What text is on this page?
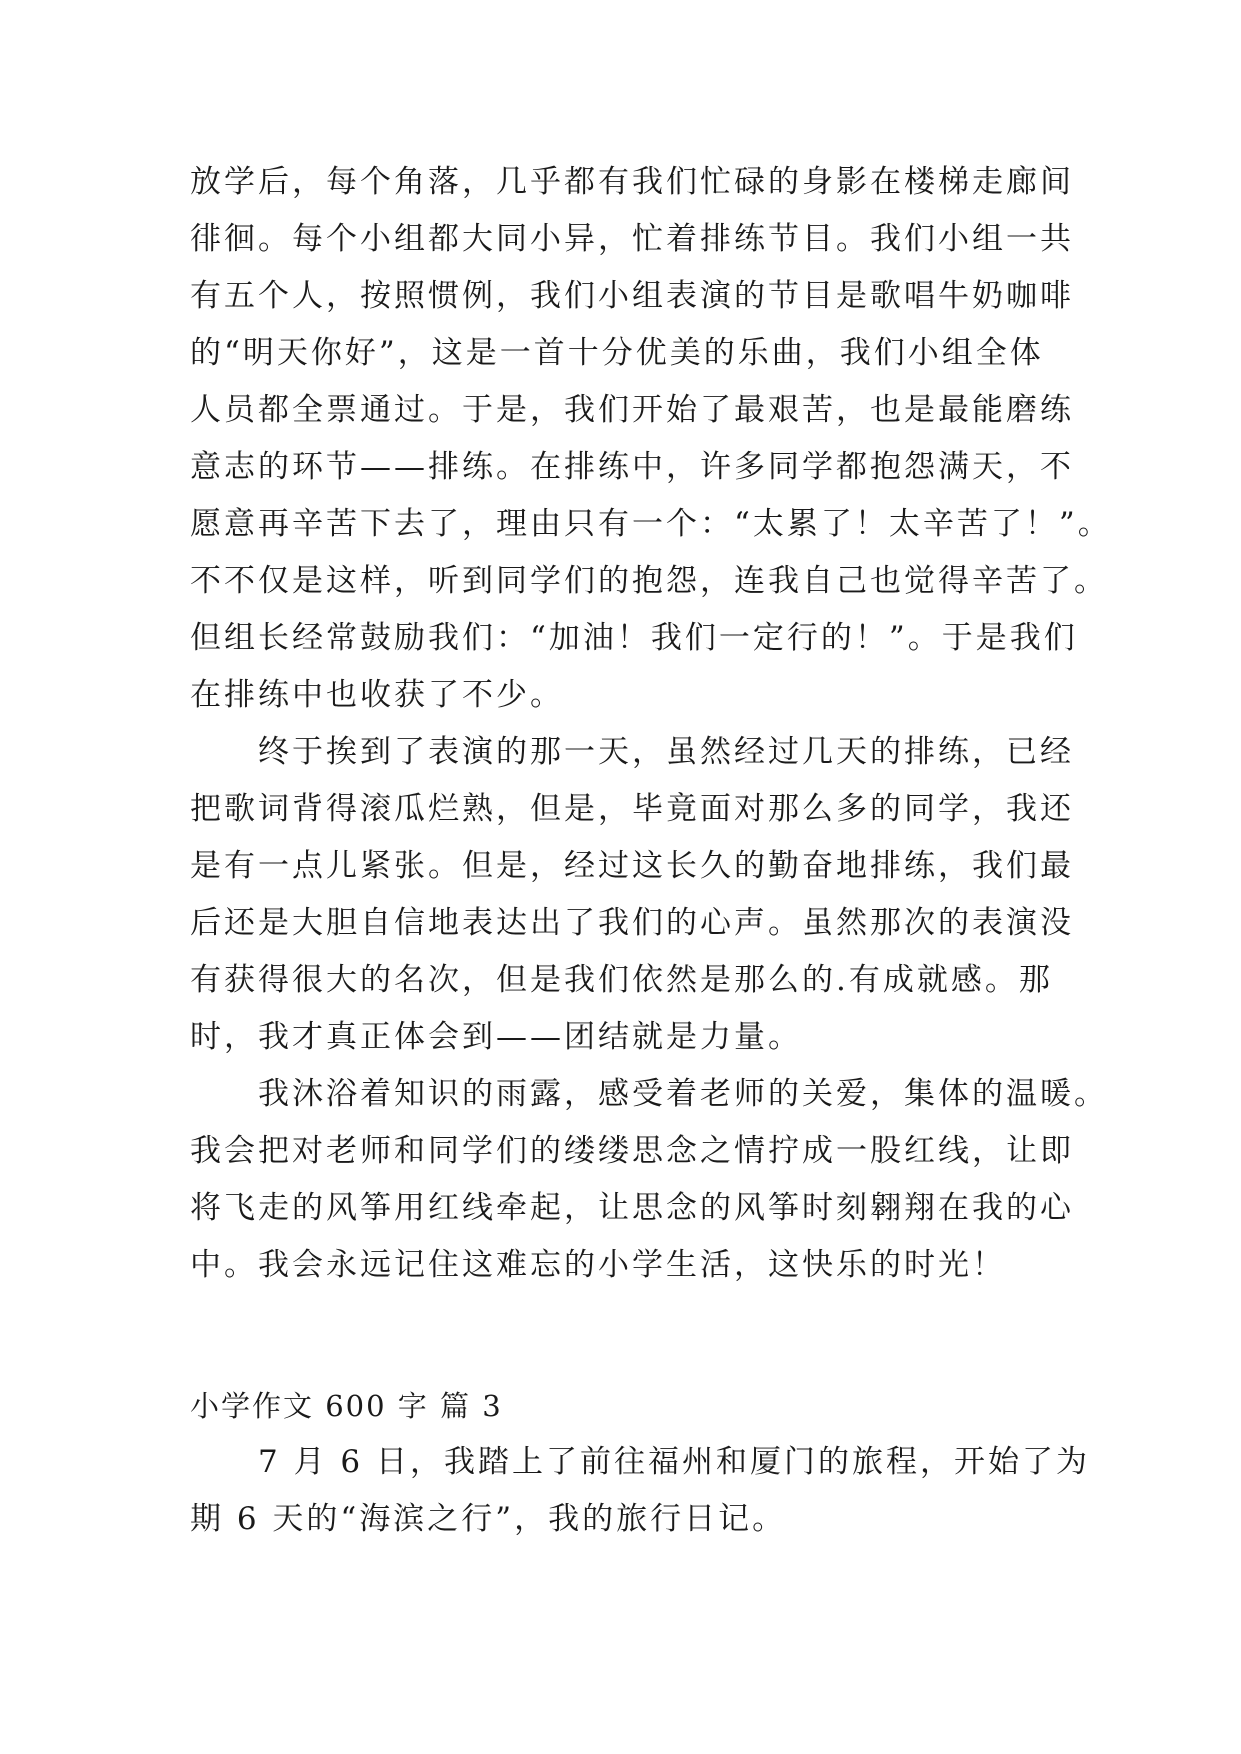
放学后，每个角落，几乎都有我们忙碌的身影在楼梯走廊间
徘徊。每个小组都大同小异，忙着排练节目。我们小组一共
有五个人，按照惯例，我们小组表演的节目是歌唱牛奶咖啡
的“明天你好”，这是一首十分优美的乐曲，我们小组全体
人员都全票通过。于是，我们开始了最艰苦，也是最能磨练
意志的环节——排练。在排练中，许多同学都抱怨满天，不
愿意再辛苦下去了，理由只有一个：“太累了！太辛苦了！”。
不不仅是这样，听到同学们的抱怨，连我自己也觉得辛苦了。
但组长经常鼓励我们：“加油！我们一定行的！”。于是我们
在排练中也收获了不少。
　　终于挨到了表演的那一天，虽然经过几天的排练，已经
把歌词背得滚瓜烂熟，但是，毕竟面对那么多的同学，我还
是有一点儿紧张。但是，经过这长久的勤奋地排练，我们最
后还是大胆自信地表达出了我们的心声。虽然那次的表演没
有获得很大的名次，但是我们依然是那么的.有成就感。那
时，我才真正体会到——团结就是力量。
　　我沐浴着知识的雨露，感受着老师的关爱，集体的温暖。
我会把对老师和同学们的缕缕思念之情拧成一股红线，让即
将飞走的风筝用红线牵起，让思念的风筝时刻翱翔在我的心
中。我会永远记住这难忘的小学生活，这快乐的时光！
小学作文 600 字 篇 3
　　7 月 6 日，我踏上了前往福州和厦门的旅程，开始了为
期 6 天的“海滨之行”，我的旅行日记。
